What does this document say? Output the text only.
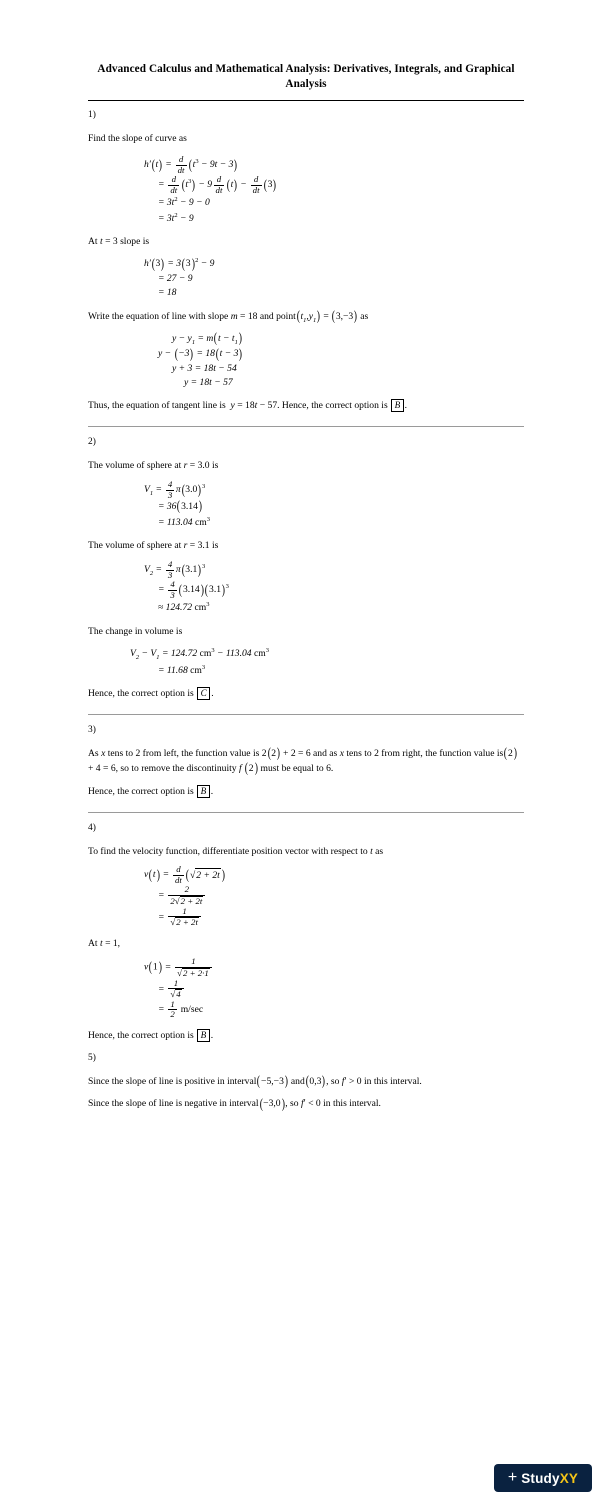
Advanced Calculus and Mathematical Analysis: Derivatives, Integrals, and Graphical Analysis
1)
Find the slope of curve as
$h'(t) = \frac{d}{dt} (t^3 - 9t - 3)$
= $\frac{d}{dt} (t^3) - 9 \frac{d}{dt} (t) - \frac{d}{dt} (3)$
= $3t^2 - 9 - 0$
= $3t^2 - 9$
At t = 3 slope is
$h'(3) = 3(3)^2 - 9$
= 27 − 9
= 18
Write the equation of line with slope m = 18 and $point(t_1,y_1) = (3,-3)$ as
$y - y_1 = m(t - t_1)$
y − (−3) = 18(t − 3)
y + 3 = 18t − 54
y = 18t − 57
Thus, the equation of tangent line is  y = 18t − 57. Hence, the correct option is B .
2)
The volume of sphere at r = 3.0 is
$V_1 = \frac{4}{3} \pi(3.0)^3$
= 36(3.14)
= 113.04 $cm^3$
The volume of sphere at r = 3.1 is
$V_2 = \frac{4}{3} \pi(3.1)^3$
= $\frac{4}{3} (3.14)(3.1)^3$
≈ 124.72 $cm^3$
The change in volume is
$V_2 - V_1 = 124.72$ $cm^3 - 113.04$ $cm^3$
= 11.68 $cm^3$
Hence, the correct option is C .
3)
As x tens to 2 from left, the function value is 2(2) + 2 = 6 and as x tens to 2 from right, the function value is(2) + 4 = 6, so to remove the discontinuity f (2) must be equal to 6.
Hence, the correct option is B .
4)
To find the velocity function, differentiate position vector with respect to t as
$v(t) = \frac{d}{dt} (√2 + 2t$ )
= $\frac{2}{2√2 + 2t}$
= $\frac{1}{√2 + 2t}$
At t = 1,
$v(1) = \frac{1}{√2 + 2\cdot 1}$
= $\frac{1}{√4}$
= $\frac{1}{2} m/\sec$
Hence, the correct option is B .
5)
Since the slope of line is positive in interval(−5,−3) and(0,3), so f′ > 0 in this interval.
Since the slope of line is negative in interval(−3,0), so f′ < 0 in this interval.
+ StudyXY
